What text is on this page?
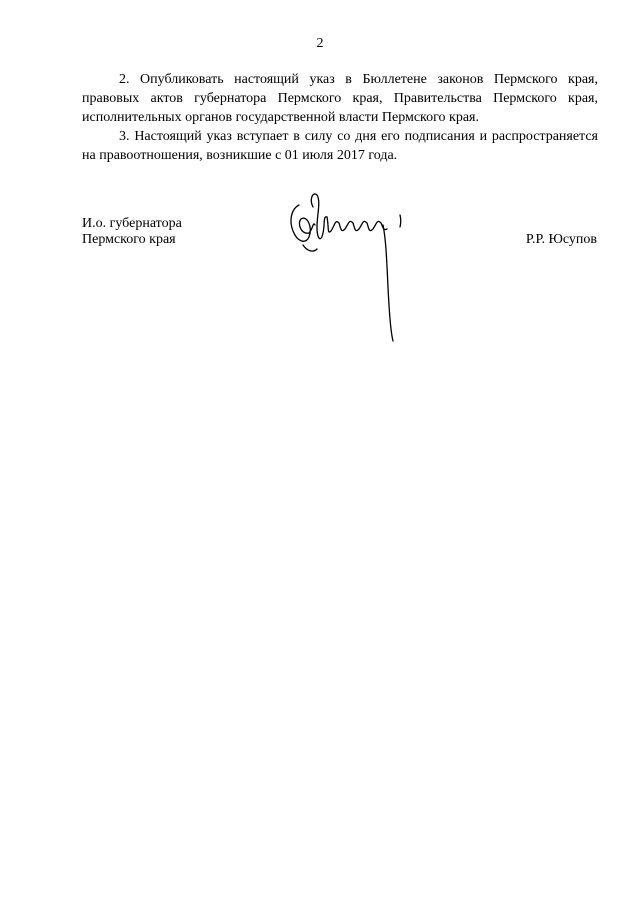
2

2. Опубликовать настоящий указ в Бюллетене законов Пермского края, правовых актов губернатора Пермского края, Правительства Пермского края, исполнительных органов государственной власти Пермского края.

3. Настоящий указ вступает в силу со дня его подписания и распространяется на правоотношения, возникшие с 01 июля 2017 года.

И.о. губернатора
Пермского края	Р.Р. Юсупов
